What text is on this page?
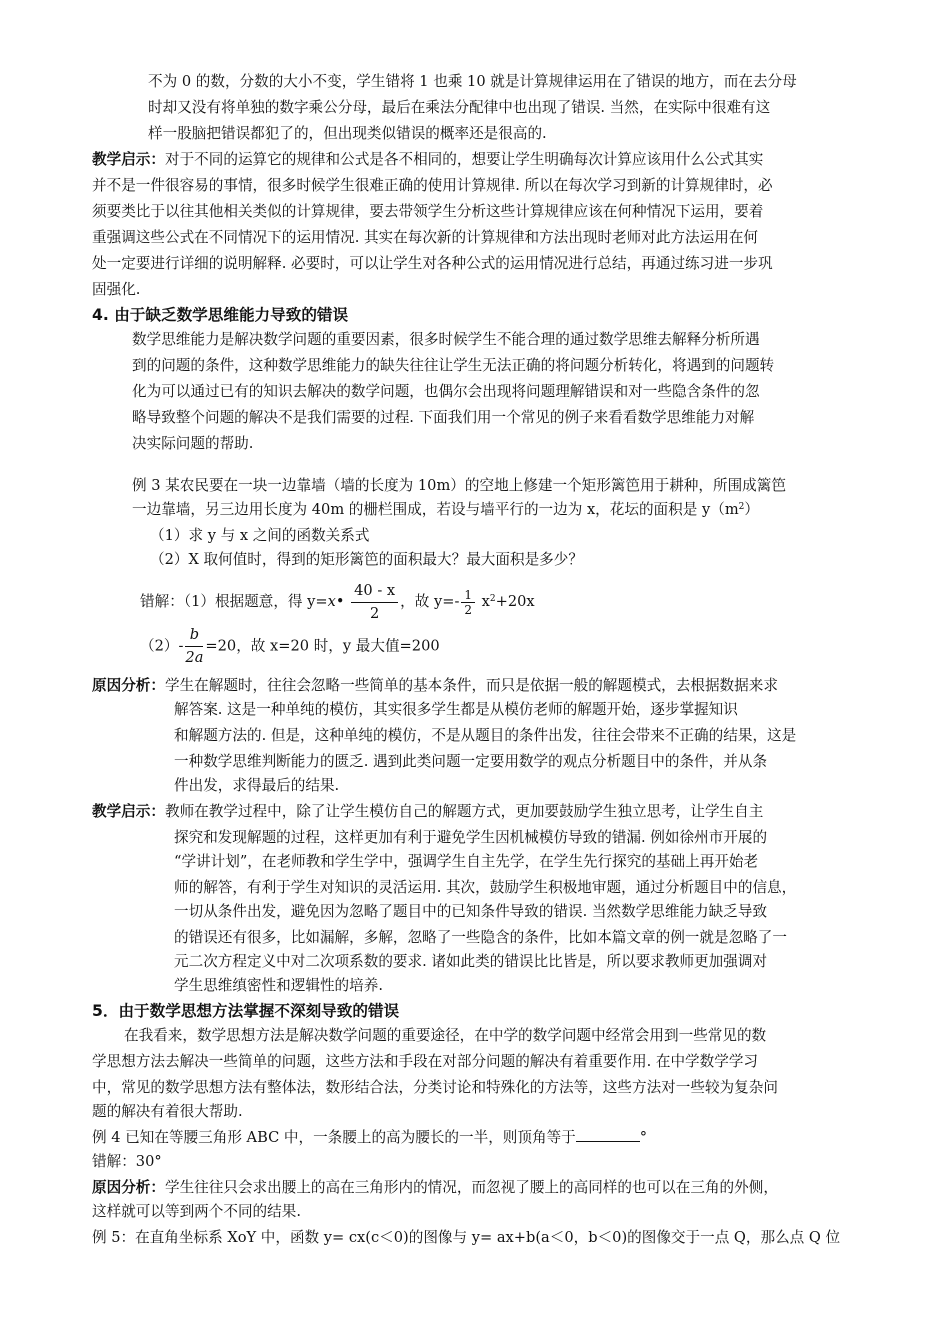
不为 0 的数，分数的大小不变，学生错将 1 也乘 10 就是计算规律运用在了错误的地方，而在去分母
时却又没有将单独的数字乘公分母，最后在乘法分配律中也出现了错误. 当然，在实际中很难有这
样一股脑把错误都犯了的，但出现类似错误的概率还是很高的.
教学启示：对于不同的运算它的规律和公式是各不相同的，想要让学生明确每次计算应该用什么公式其实
并不是一件很容易的事情，很多时候学生很难正确的使用计算规律. 所以在每次学习到新的计算规律时，必
须要类比于以往其他相关类似的计算规律，要去带领学生分析这些计算规律应该在何种情况下运用，要着
重强调这些公式在不同情况下的运用情况. 其实在每次新的计算规律和方法出现时老师对此方法运用在何
处一定要进行详细的说明解释. 必要时，可以让学生对各种公式的运用情况进行总结，再通过练习进一步巩
固强化.
4. 由于缺乏数学思维能力导致的错误
数学思维能力是解决数学问题的重要因素，很多时候学生不能合理的通过数学思维去解释分析所遇
到的问题的条件，这种数学思维能力的缺失往往让学生无法正确的将问题分析转化，将遇到的问题转
化为可以通过已有的知识去解决的数学问题，也偶尔会出现将问题理解错误和对一些隐含条件的忽
略导致整个问题的解决不是我们需要的过程. 下面我们用一个常见的例子来看看数学思维能力对解
决实际问题的帮助.
例 3 某农民要在一块一边靠墙（墙的长度为 10m）的空地上修建一个矩形篱笆用于耕种，所围成篱笆
一边靠墙，另三边用长度为 40m 的栅栏围成，若设与墙平行的一边为 x，花坛的面积是 $y(m^2)$
（1）求 y 与 x 之间的函数关系式
（2）X 取何值时，得到的矩形篱笆的面积最大？最大面积是多少？
错解：（1）根据题意，得 y=x• $\frac{40 - x}{2}$ ，故 $y=- \frac{1}{2} x^2+20x$
$(2)- \frac{b}{2a} =20$，故 x=20 时，y 最大值=200
原因分析：学生在解题时，往往会忽略一些简单的基本条件，而只是依据一般的解题模式，去根据数据来求
解答案. 这是一种单纯的模仿，其实很多学生都是从模仿老师的解题开始，逐步掌握知识
和解题方法的. 但是，这种单纯的模仿，不是从题目的条件出发，往往会带来不正确的结果，这是
一种数学思维判断能力的匮乏. 遇到此类问题一定要用数学的观点分析题目中的条件，并从条
件出发，求得最后的结果.
教学启示：教师在教学过程中，除了让学生模仿自己的解题方式，更加要鼓励学生独立思考，让学生自主
探究和发现解题的过程，这样更加有利于避免学生因机械模仿导致的错漏. 例如徐州市开展的
“学讲计划”，在老师教和学生学中，强调学生自主先学，在学生先行探究的基础上再开始老
师的解答，有利于学生对知识的灵活运用. 其次，鼓励学生积极地审题，通过分析题目中的信息，
一切从条件出发，避免因为忽略了题目中的已知条件导致的错误. 当然数学思维能力缺乏导致
的错误还有很多，比如漏解，多解，忽略了一些隐含的条件，比如本篇文章的例一就是忽略了一
元二次方程定义中对二次项系数的要求. 诸如此类的错误比比皆是，所以要求教师更加强调对
学生思维缜密性和逻辑性的培养.
5．由于数学思想方法掌握不深刻导致的错误
在我看来，数学思想方法是解决数学问题的重要途径，在中学的数学问题中经常会用到一些常见的数
学思想方法去解决一些简单的问题，这些方法和手段在对部分问题的解决有着重要作用. 在中学数学学习
中，常见的数学思想方法有整体法，数形结合法，分类讨论和特殊化的方法等，这些方法对一些较为复杂问
题的解决有着很大帮助.
例 4 已知在等腰三角形 ABC 中，一条腰上的高为腰长的一半，则顶角等于	°
错解：30°
原因分析：学生往往只会求出腰上的高在三角形内的情况，而忽视了腰上的高同样的也可以在三角的外侧，
这样就可以等到两个不同的结果.
例 5：在直角坐标系 XoY 中，函数 y= cx(c＜0)的图像与 y= ax+b(a＜0，b＜0)的图像交于一点 Q，那么点 Q 位
